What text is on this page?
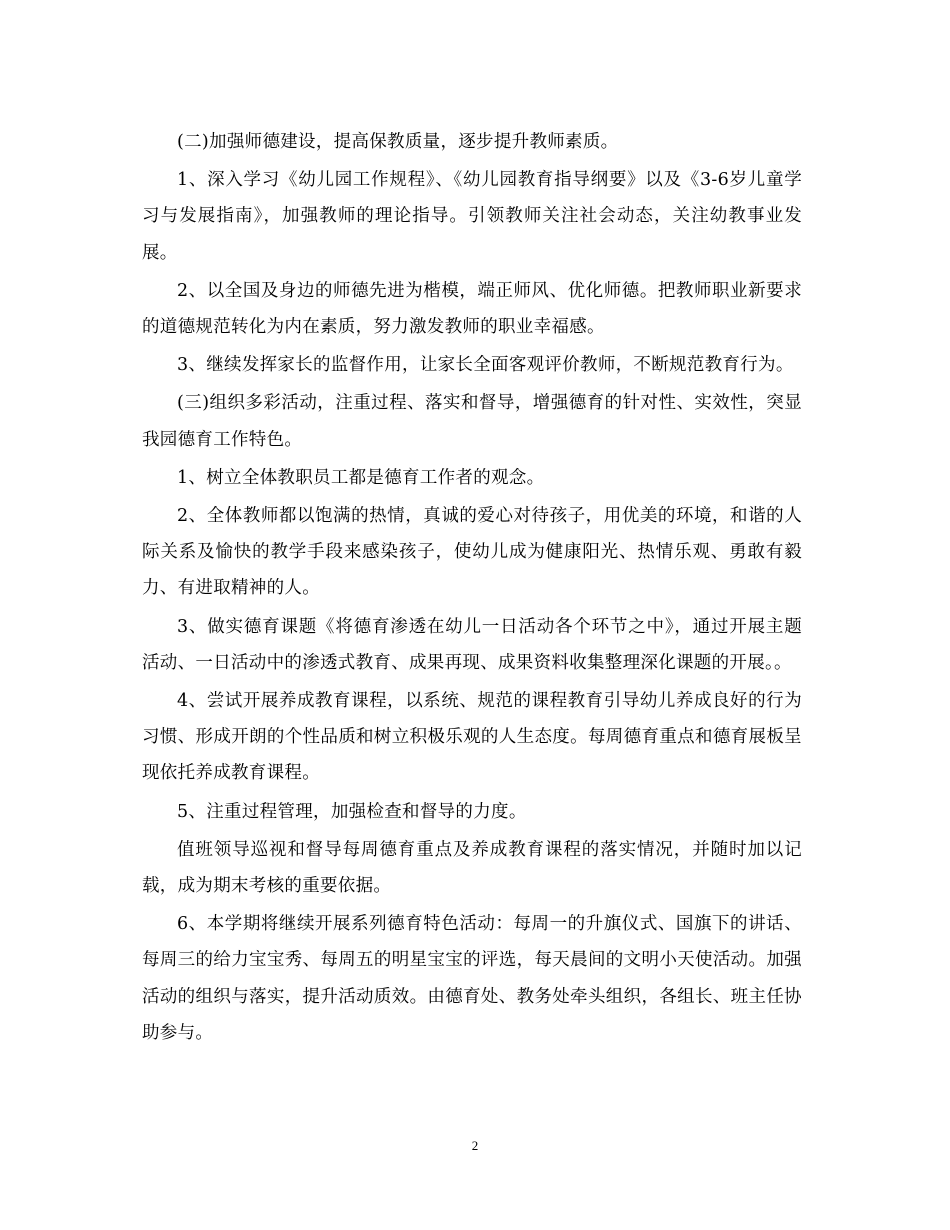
(二)加强师德建设，提高保教质量，逐步提升教师素质。

1、深入学习《幼儿园工作规程》、《幼儿园教育指导纲要》以及《3-6岁儿童学习与发展指南》，加强教师的理论指导。引领教师关注社会动态，关注幼教事业发展。

2、以全国及身边的师德先进为楷模，端正师风、优化师德。把教师职业新要求的道德规范转化为内在素质，努力激发教师的职业幸福感。

3、继续发挥家长的监督作用，让家长全面客观评价教师，不断规范教育行为。

(三)组织多彩活动，注重过程、落实和督导，增强德育的针对性、实效性，突显我园德育工作特色。

1、树立全体教职员工都是德育工作者的观念。

2、全体教师都以饱满的热情，真诚的爱心对待孩子，用优美的环境，和谐的人际关系及愉快的教学手段来感染孩子，使幼儿成为健康阳光、热情乐观、勇敢有毅力、有进取精神的人。

3、做实德育课题《将德育渗透在幼儿一日活动各个环节之中》，通过开展主题活动、一日活动中的渗透式教育、成果再现、成果资料收集整理深化课题的开展。。

4、尝试开展养成教育课程，以系统、规范的课程教育引导幼儿养成良好的行为习惯、形成开朗的个性品质和树立积极乐观的人生态度。每周德育重点和德育展板呈现依托养成教育课程。

5、注重过程管理，加强检查和督导的力度。

值班领导巡视和督导每周德育重点及养成教育课程的落实情况，并随时加以记载，成为期末考核的重要依据。

6、本学期将继续开展系列德育特色活动：每周一的升旗仪式、国旗下的讲话、每周三的给力宝宝秀、每周五的明星宝宝的评选，每天晨间的文明小天使活动。加强活动的组织与落实，提升活动质效。由德育处、教务处牵头组织，各组长、班主任协助参与。

2
